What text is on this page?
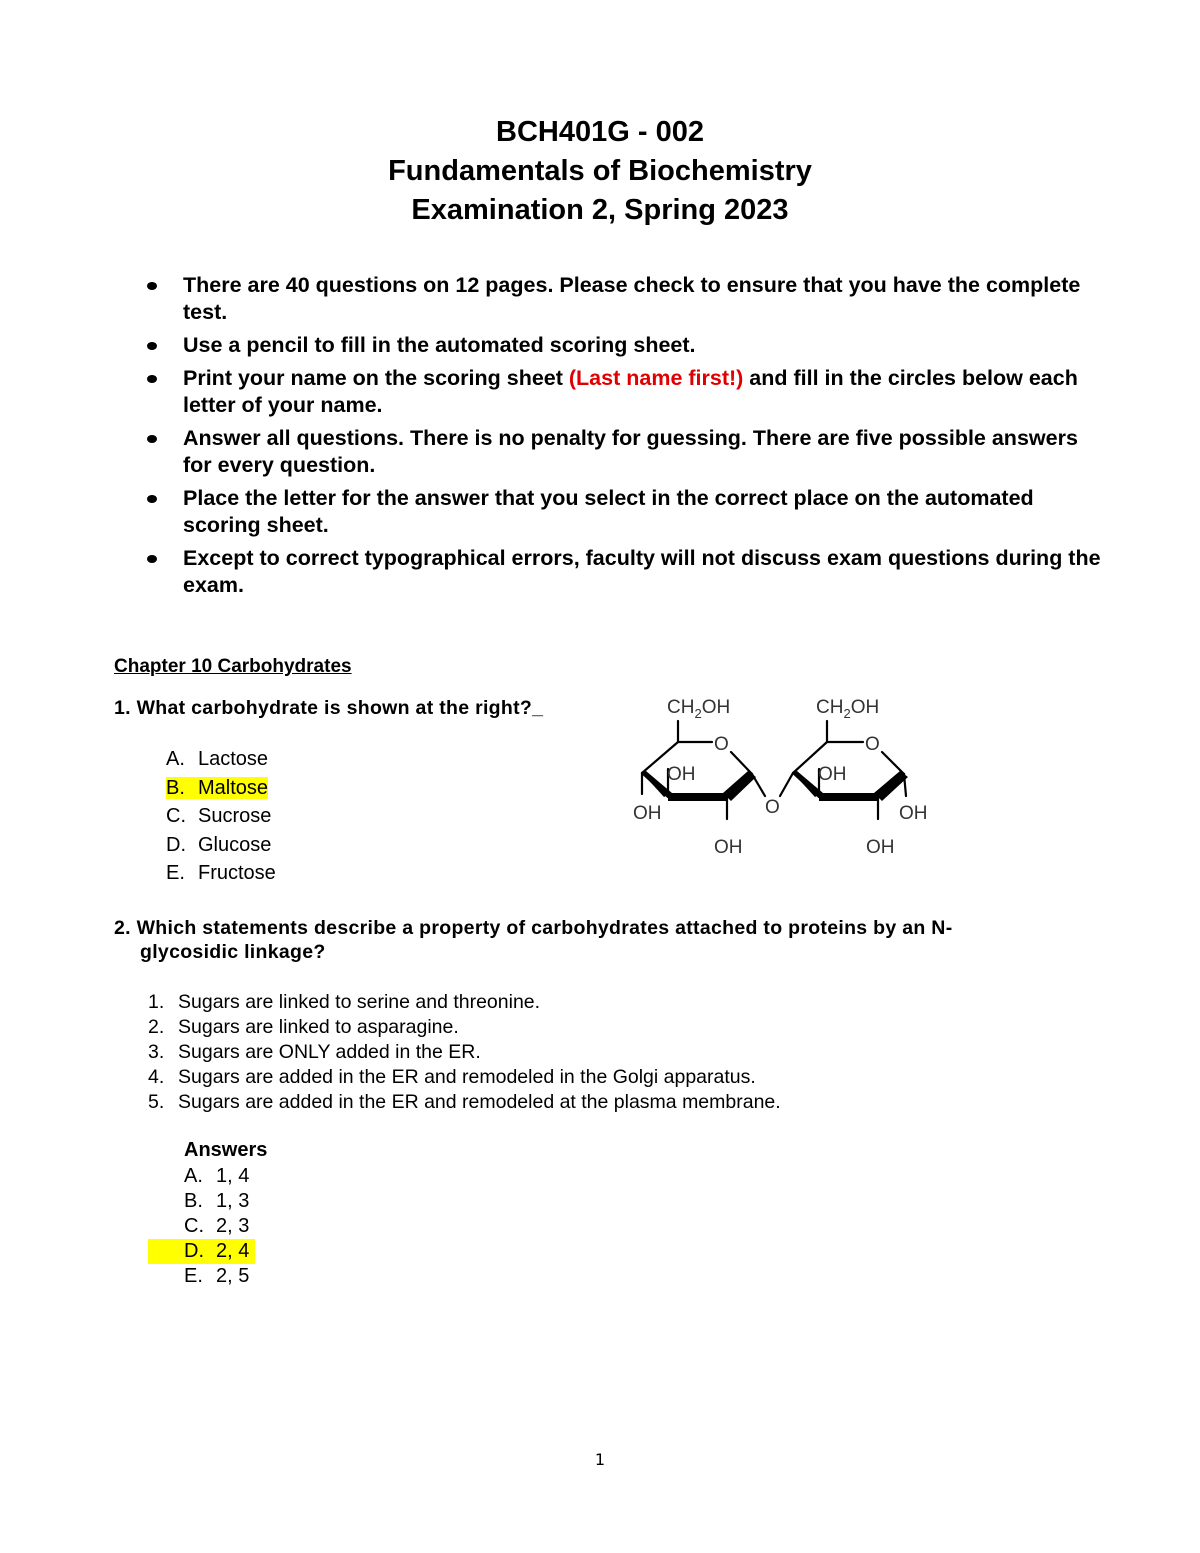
BCH401G - 002
Fundamentals of Biochemistry
Examination 2, Spring 2023
There are 40 questions on 12 pages. Please check to ensure that you have the complete test.
Use a pencil to fill in the automated scoring sheet.
Print your name on the scoring sheet (Last name first!) and fill in the circles below each letter of your name.
Answer all questions. There is no penalty for guessing. There are five possible answers for every question.
Place the letter for the answer that you select in the correct place on the automated scoring sheet.
Except to correct typographical errors, faculty will not discuss exam questions during the exam.
Chapter 10 Carbohydrates
1. What carbohydrate is shown at the right?_
A. Lactose
B. Maltose
C. Sucrose
D. Glucose
E. Fructose
$CH_2OH$	$CH_2OH$
O	O
OH	OH
O
OH	OH
OH	OH
2. Which statements describe a property of carbohydrates attached to proteins by an N-
glycosidic linkage?
1. Sugars are linked to serine and threonine.
2. Sugars are linked to asparagine.
3. Sugars are ONLY added in the ER.
4. Sugars are added in the ER and remodeled in the Golgi apparatus.
5. Sugars are added in the ER and remodeled at the plasma membrane.
Answers
A. 1, 4
B. 1, 3
C. 2, 3
D. 2, 4
E. 2, 5
1
